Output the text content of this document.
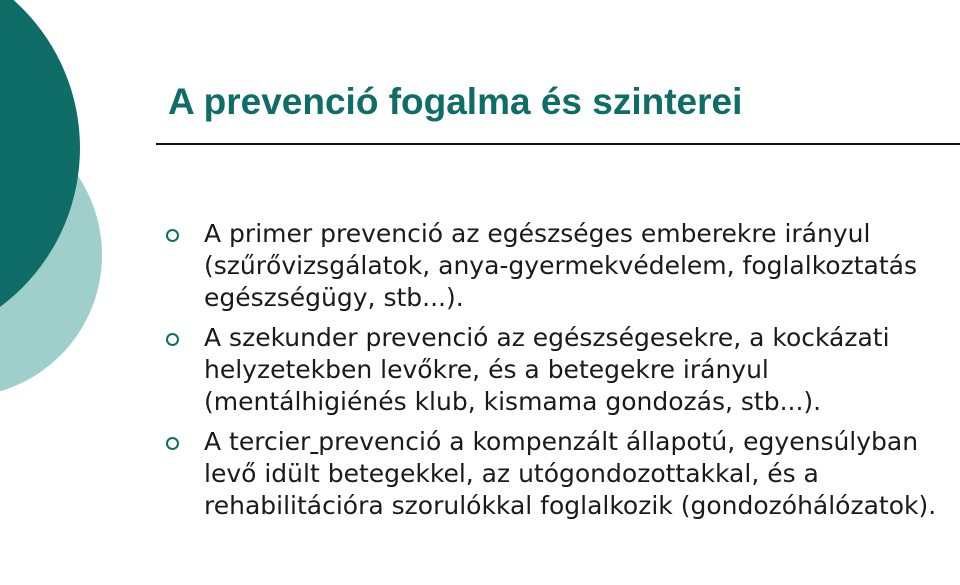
A prevenció fogalma és szinterei
A primer prevenció az egészséges emberekre irányul (szűrővizsgálatok, anya-gyermekvédelem, foglalkoztatás egészségügy, stb...).
A szekunder prevenció az egészségesekre, a kockázati helyzetekben levőkre, és a betegekre irányul (mentálhigiénés klub, kismama gondozás, stb...).
A tercier prevenció a kompenzált állapotú, egyensúlyban levő idült betegekkel, az utógondozottakkal, és a rehabilitációra szorulókkal foglalkozik (gondozóhálózatok).
